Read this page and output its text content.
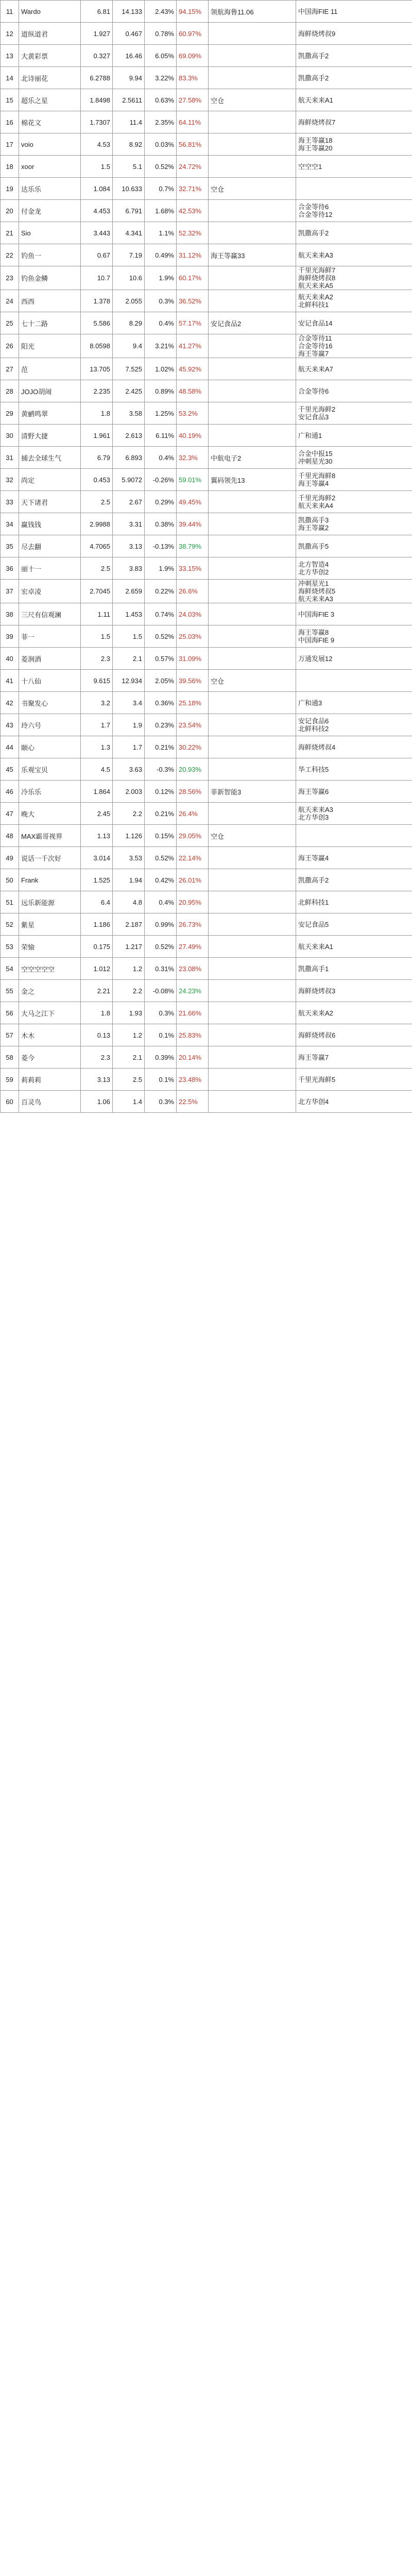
11	Wardo	6.81	14.133	2.43%	94.15%	领航海鲁11.06	中国海FIE 11

12	道纵道君	1.927	0.467	0.78%	60.97%		海鲜烧烤叔9

13	大黄彩票	0.327	16.46	6.05%	69.09%		凯撒高手2

14	北诗丽花	6.2788	9.94	3.22%	83.3%		凯撒高手2

15	超乐之星	1.8498	2.5611	0.63%	27.58%	空仓	航天来来A1

16	棉花文	1.7307	11.4	2.35%	64.11%		海鲜烧烤叔7

17	voio	4.53	8.92	0.03%	56.81%		海王等赢18
海王等赢20

18	xoor	1.5	5.1	0.52%	24.72%		空空空1

19	达乐乐	1.084	10.633	0.7%	32.71%	空仓	
20	付金龙	4.453	6.791	1.68%	42.53%		合金等待6
合金等待12

21	Sio	3.443	4.341	1.1%	52.32%		凯撒高手2

22	钓鱼一	0.67	7.19	0.49%	31.12%	海王等赢33	航天来来A3

23	钓鱼金鳞	10.7	10.6	1.9%	60.17%		千里光海鲜7
海鲜烧烤叔8
航天来来A5

24	西西	1.378	2.055	0.3%	36.52%		航天来来A2
北鲜科技1

25	七十二路	5.586	8.29	0.4%	57.17%	安记食品2	安记食品14

26	阳光	8.0598	9.4	3.21%	41.27%		合金等待11
合金等待16
海王等赢7

27	范	13.705	7.525	1.02%	45.92%		航天来来A7

28	JOJO胡闹	2.235	2.425	0.89%	48.58%		合金等待6

29	黄鹂鸣翠	1.8	3.58	1.25%	53.2%		千里光海鲜2
安记食品3

30	清野大捷	1.961	2.613	6.11%	40.19%		广和通1

31	捕去全球生气	6.79	6.893	0.4%	32.3%	中航电子2	合金中报15
冲刺星光30

32	尚定	0.453	5.9072	-0.26%	59.01%	翼码领先13	千里光海鲜8
海王等赢4

33	天下诸君	2.5	2.67	0.29%	49.45%		千里光海鲜2
航天来来A4

34	赢钱钱	2.9988	3.31	0.38%	39.44%		凯撒高手3
海王等赢2

35	尽去翻	4.7065	3.13	-0.13%	38.79%		凯撒高手5

36	丽十一	2.5	3.83	1.9%	33.15%		北方智造4
北方华创2

37	宏卓凌	2.7045	2.659	0.22%	26.6%		冲刺星光1
海鲜烧烤叔5
航天来来A3

38	三尺有信观澜	1.11	1.453	0.74%	24.03%		中国海FIE 3

39	菲一	1.5	1.5	0.52%	25.03%		海王等赢8
中国海FIE 9

40	菱涧酒	2.3	2.1	0.57%	31.09%		万通发展12

41	十八仙	9.615	12.934	2.05%	39.56%	空仓	
42	书聚发心	3.2	3.4	0.36%	25.18%		广和通3

43	玲六号	1.7	1.9	0.23%	23.54%		安记食品6
北鲜科技2

44	颐心	1.3	1.7	0.21%	30.22%		海鲜烧烤叔4

45	乐观宝贝	4.5	3.63	-0.3%	20.93%		华工科技5

46	冷乐乐	1.864	2.003	0.12%	28.56%	菲新智能3	海王等赢6

47	晚大	2.45	2.2	0.21%	26.4%		航天来来A3
北方华创3

48	MAX霸哥视界	1.13	1.126	0.15%	29.05%	空仓	
49	说话一千次好	3.014	3.53	0.52%	22.14%		海王等赢4

50	Frank	1.525	1.94	0.42%	26.01%		凯撒高手2

51	远乐新能源	6.4	4.8	0.4%	20.95%		北鲜科技1

52	紫星	1.186	2.187	0.99%	26.73%		安记食品5

53	荣愉	0.175	1.217	0.52%	27.49%		航天来来A1

54	空空空空空	1.012	1.2	0.31%	23.08%		凯撒高手1

55	金之	2.21	2.2	-0.08%	24.23%		海鲜烧烤叔3

56	大马之江下	1.8	1.93	0.3%	21.66%		航天来来A2

57	木木	0.13	1.2	0.1%	25.83%		海鲜烧烤叔6

58	菱今	2.3	2.1	0.39%	20.14%		海王等赢7

59	莉莉莉	3.13	2.5	0.1%	23.48%		千里光海鲜5

60	百灵鸟	1.06	1.4	0.3%	22.5%		北方华创4
